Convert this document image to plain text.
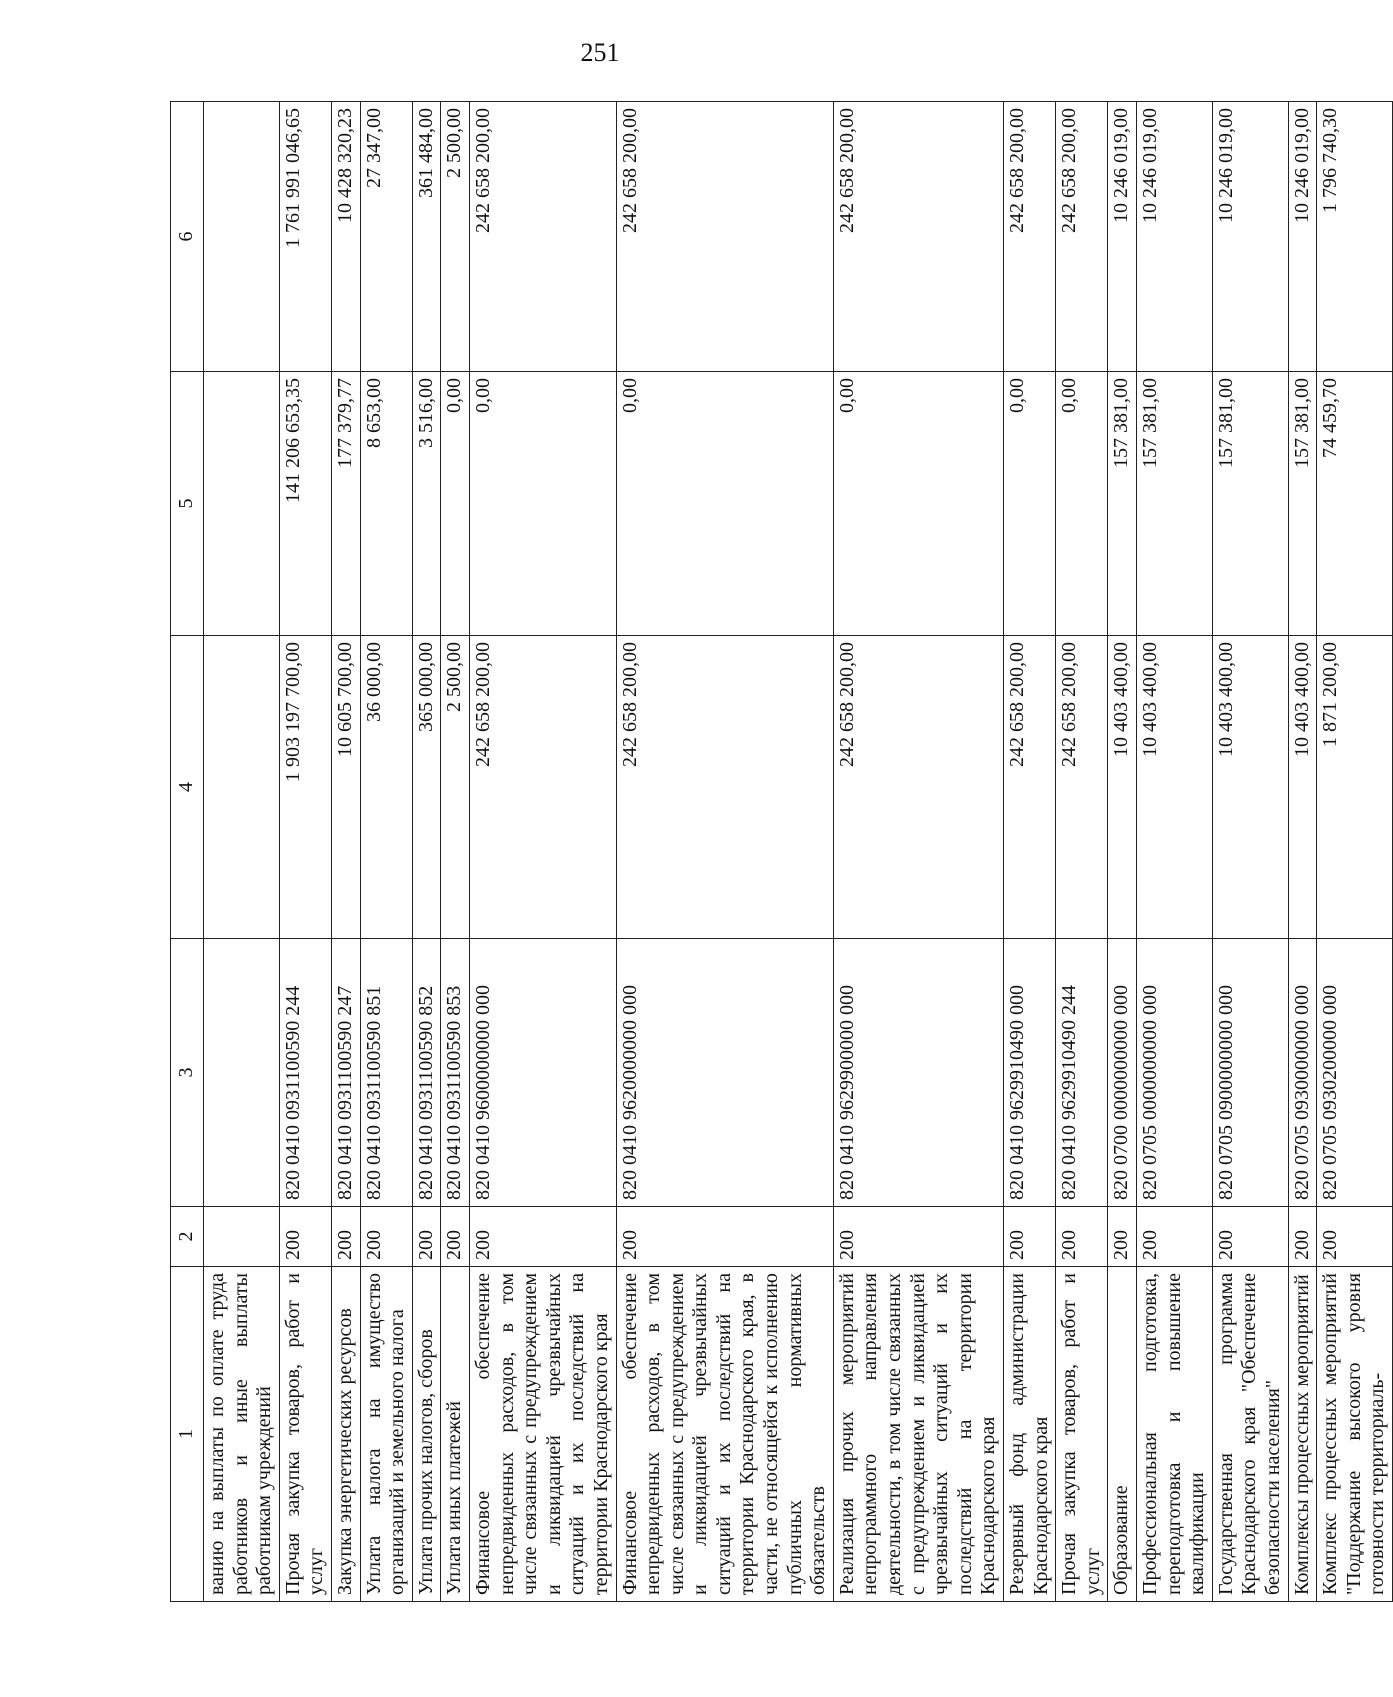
251
1	2	3	4	5	6
ванию на выплаты по оплате труда работников и иные выплаты работникам учреждений					
Прочая закупка товаров, работ и услуг	200	820 0410 0931100590 244	1 903 197 700,00	141 206 653,35	1 761 991 046,65
Закупка энергетических ресурсов	200	820 0410 0931100590 247	10 605 700,00	177 379,77	10 428 320,23
Уплата налога на имущество организаций и земельного налога	200	820 0410 0931100590 851	36 000,00	8 653,00	27 347,00
Уплата прочих налогов, сборов	200	820 0410 0931100590 852	365 000,00	3 516,00	361 484,00
Уплата иных платежей	200	820 0410 0931100590 853	2 500,00	0,00	2 500,00
Финансовое обеспечение непредвиденных расходов, в том числе связанных с предупреждением и ликвидацией чрезвычайных ситуаций и их последствий на территории Краснодарского края	200	820 0410 9600000000 000	242 658 200,00	0,00	242 658 200,00
Финансовое обеспечение непредвиденных расходов, в том числе связанных с предупреждением и ликвидацией чрезвычайных ситуаций и их последствий на территории Краснодарского края, в части, не относящейся к исполнению публичных нормативных обязательств	200	820 0410 9620000000 000	242 658 200,00	0,00	242 658 200,00
Реализация прочих мероприятий непрограммного направления деятельности, в том числе связанных с предупреждением и ликвидацией чрезвычайных ситуаций и их последствий на территории Краснодарского края	200	820 0410 9629900000 000	242 658 200,00	0,00	242 658 200,00
Резервный фонд администрации Краснодарского края	200	820 0410 9629910490 000	242 658 200,00	0,00	242 658 200,00
Прочая закупка товаров, работ и услуг	200	820 0410 9629910490 244	242 658 200,00	0,00	242 658 200,00
Образование	200	820 0700 0000000000 000	10 403 400,00	157 381,00	10 246 019,00
Профессиональная подготовка, переподготовка и повышение квалификации	200	820 0705 0000000000 000	10 403 400,00	157 381,00	10 246 019,00
Государственная программа Краснодарского края "Обеспечение безопасности населения"	200	820 0705 0900000000 000	10 403 400,00	157 381,00	10 246 019,00
Комплексы процессных мероприятий	200	820 0705 0930000000 000	10 403 400,00	157 381,00	10 246 019,00
Комплекс процессных мероприятий "Поддержание высокого уровня готовности территориаль-	200	820 0705 0930200000 000	1 871 200,00	74 459,70	1 796 740,30
